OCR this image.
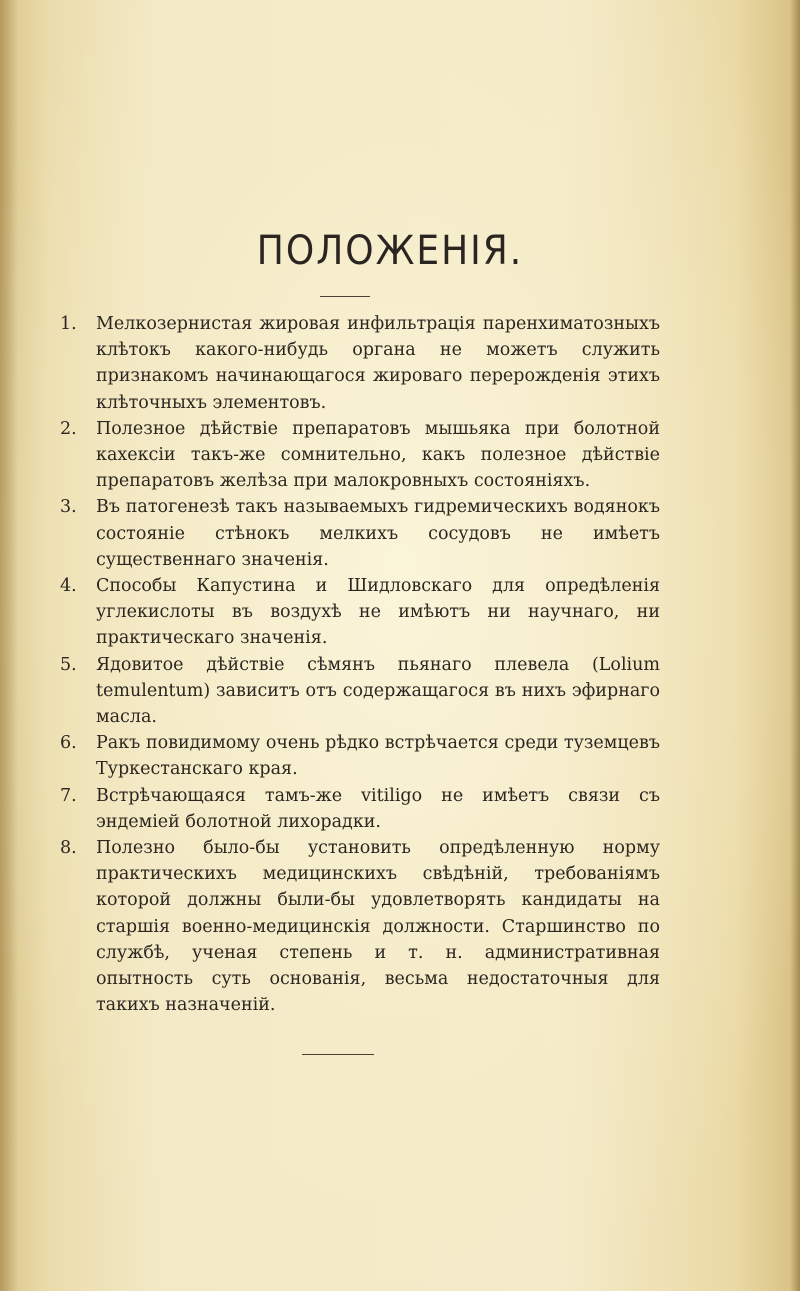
ПОЛОЖЕНІЯ.
1.	Мелкозернистая жировая инфильтрація паренхиматозныхъ клѣтокъ какого-нибудь органа не можетъ служить признакомъ начинающагося жироваго перерожденія этихъ клѣточныхъ элементовъ.
2.	Полезное дѣйствіе препаратовъ мышьяка при болотной кахексіи такъ-же сомнительно, какъ полезное дѣйствіе препаратовъ желѣза при малокровныхъ состояніяхъ.
3.	Въ патогенезѣ такъ называемыхъ гидремическихъ водянокъ состояніе стѣнокъ мелкихъ сосудовъ не имѣетъ существеннаго значенія.
4.	Способы Капустина и Шидловскаго для опредѣленія углекислоты въ воздухѣ не имѣютъ ни научнаго, ни практическаго значенія.
5.	Ядовитое дѣйствіе сѣмянъ пьянаго плевела (Lolium temulentum) зависитъ отъ содержащагося въ нихъ эфирнаго масла.
6.	Ракъ повидимому очень рѣдко встрѣчается среди туземцевъ Туркестанскаго края.
7.	Встрѣчающаяся тамъ-же vitiligo не имѣетъ связи съ эндеміей болотной лихорадки.
8.	Полезно было-бы установить опредѣленную норму практическихъ медицинскихъ свѣдѣній, требованіямъ которой должны были-бы удовлетворять кандидаты на старшія военно-медицинскія должности. Старшинство по службѣ, ученая степень и т. н. административная опытность суть основанія, весьма недостаточныя для такихъ назначеній.
